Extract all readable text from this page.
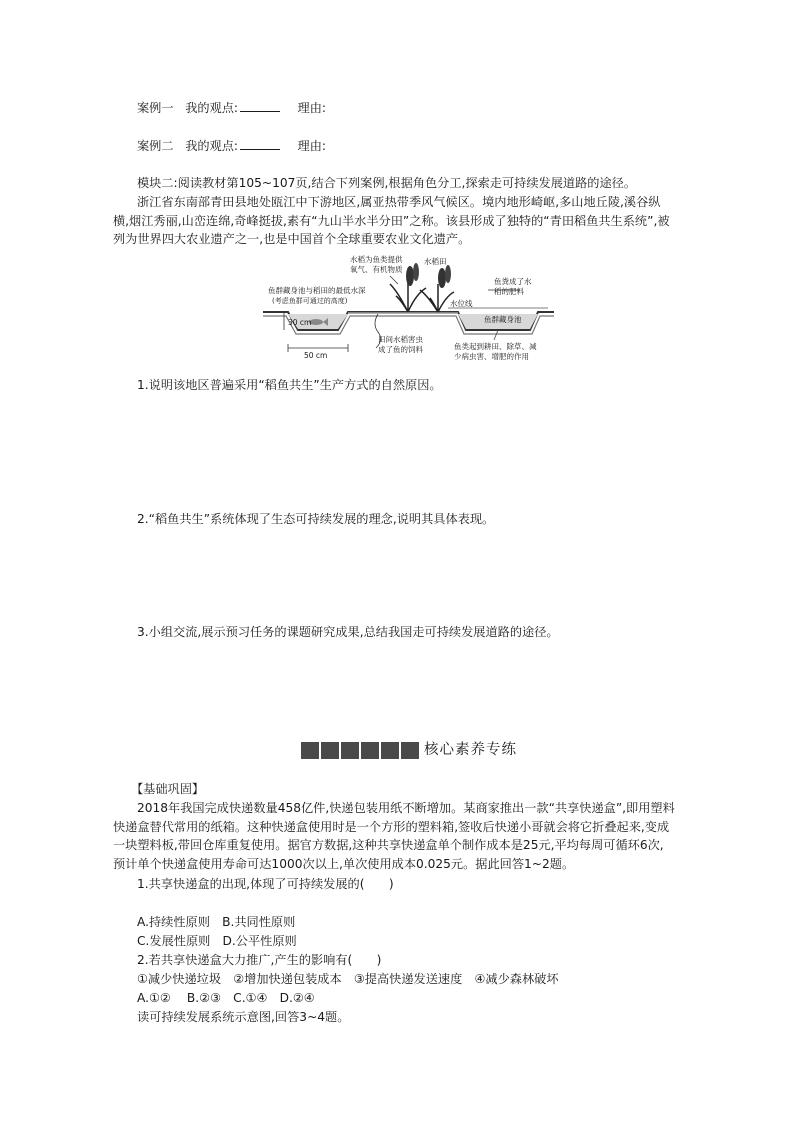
案例一 我的观点:	理由:
案例二 我的观点:	理由:
模块二:阅读教材第105~107页,结合下列案例,根据角色分工,探索走可持续发展道路的途径。
浙江省东南部青田县地处瓯江中下游地区,属亚热带季风气候区。境内地形崎岖,多山地丘陵,溪谷纵横,烟江秀丽,山峦连绵,奇峰挺拔,素有“九山半水半分田”之称。该县形成了独特的“青田稻鱼共生系统”,被列为世界四大农业遗产之一,也是中国首个全球重要农业文化遗产。
水稻为鱼类提供
氧气、有机物质
水稻田
鱼粪成了水
稻的肥料
鱼群藏身池与稻田的最低水深
(考虑鱼群可通过的高度)	水位线
鱼群藏身池
30 cm
50 cm
田间水稻害虫
成了鱼的饲料	鱼类起到耕田、除草、减
少病虫害、增肥的作用
1.说明该地区普遍采用“稻鱼共生”生产方式的自然原因。
2.“稻鱼共生”系统体现了生态可持续发展的理念,说明其具体表现。
3.小组交流,展示预习任务的课题研究成果,总结我国走可持续发展道路的途径。
核心素养专练
【基础巩固】
2018年我国完成快递数量458亿件,快递包装用纸不断增加。某商家推出一款“共享快递盒”,即用塑料快递盒替代常用的纸箱。这种快递盒使用时是一个方形的塑料箱,签收后快递小哥就会将它折叠起来,变成一块塑料板,带回仓库重复使用。据官方数据,这种共享快递盒单个制作成本是25元,平均每周可循环6次,预计单个快递盒使用寿命可达1000次以上,单次使用成本0.025元。据此回答1~2题。
1.共享快递盒的出现,体现了可持续发展的(　　)
A.持续性原则　B.共同性原则
C.发展性原则　D.公平性原则
2.若共享快递盒大力推广,产生的影响有(　　)
①减少快递垃圾　②增加快递包装成本　③提高快递发送速度　④减少森林破坏
A.①②　 B.②③　C.①④　D.②④
读可持续发展系统示意图,回答3~4题。
